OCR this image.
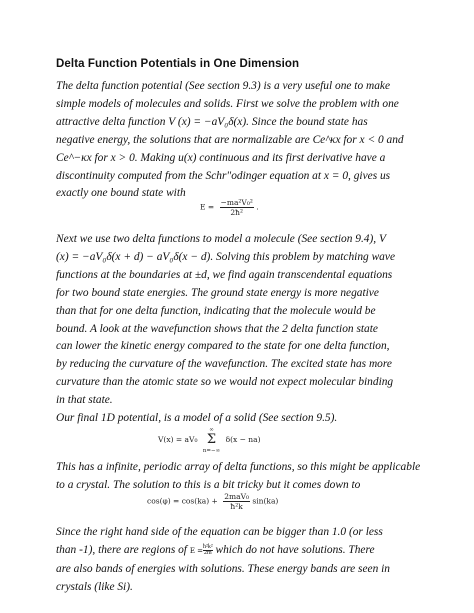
Delta Function Potentials in One Dimension
The delta function potential (See section 9.3) is a very useful one to make
simple models of molecules and solids. First we solve the problem with one
attractive delta function V (x) = −aV₀δ(x). Since the bound state has
negative energy, the solutions that are normalizable are Ce^κx for x < 0 and
Ce^−κx for x > 0. Making u(x) continuous and its first derivative have a
discontinuity computed from the Schr"odinger equation at x = 0, gives us
exactly one bound state with
$E = \frac{\text{−ma²V₀²}}{\text{2ħ²}}$ .
Next we use two delta functions to model a molecule (See section 9.4), V
(x) = −aV₀δ(x + d) − aV₀δ(x − d). Solving this problem by matching wave
functions at the boundaries at ±d, we find again transcendental equations
for two bound state energies. The ground state energy is more negative
than that for one delta function, indicating that the molecule would be
bound. A look at the wavefunction shows that the 2 delta function state
can lower the kinetic energy compared to the state for one delta function,
by reducing the curvature of the wavefunction. The excited state has more
curvature than the atomic state so we would not expect molecular binding
in that state.
Our final 1D potential, is a model of a solid (See section 9.5).
V(x) = aV₀ ∞
Σ
n=−∞ δ(x − na)
This has a infinite, periodic array of delta functions, so this might be applicable
to a crystal. The solution to this is a bit tricky but it comes down to
$\cos(\varphi) = \cos(ka) + \frac{\text{2maV₀}}{\text{ħ²k}} \sin(ka)$
Since the right hand side of the equation can be bigger than 1.0 (or less
than -1), there are regions of $E =\frac{\text{ħ²k²}}{2m}$ which do not have solutions. There
are also bands of energies with solutions. These energy bands are seen in
crystals (like Si).
